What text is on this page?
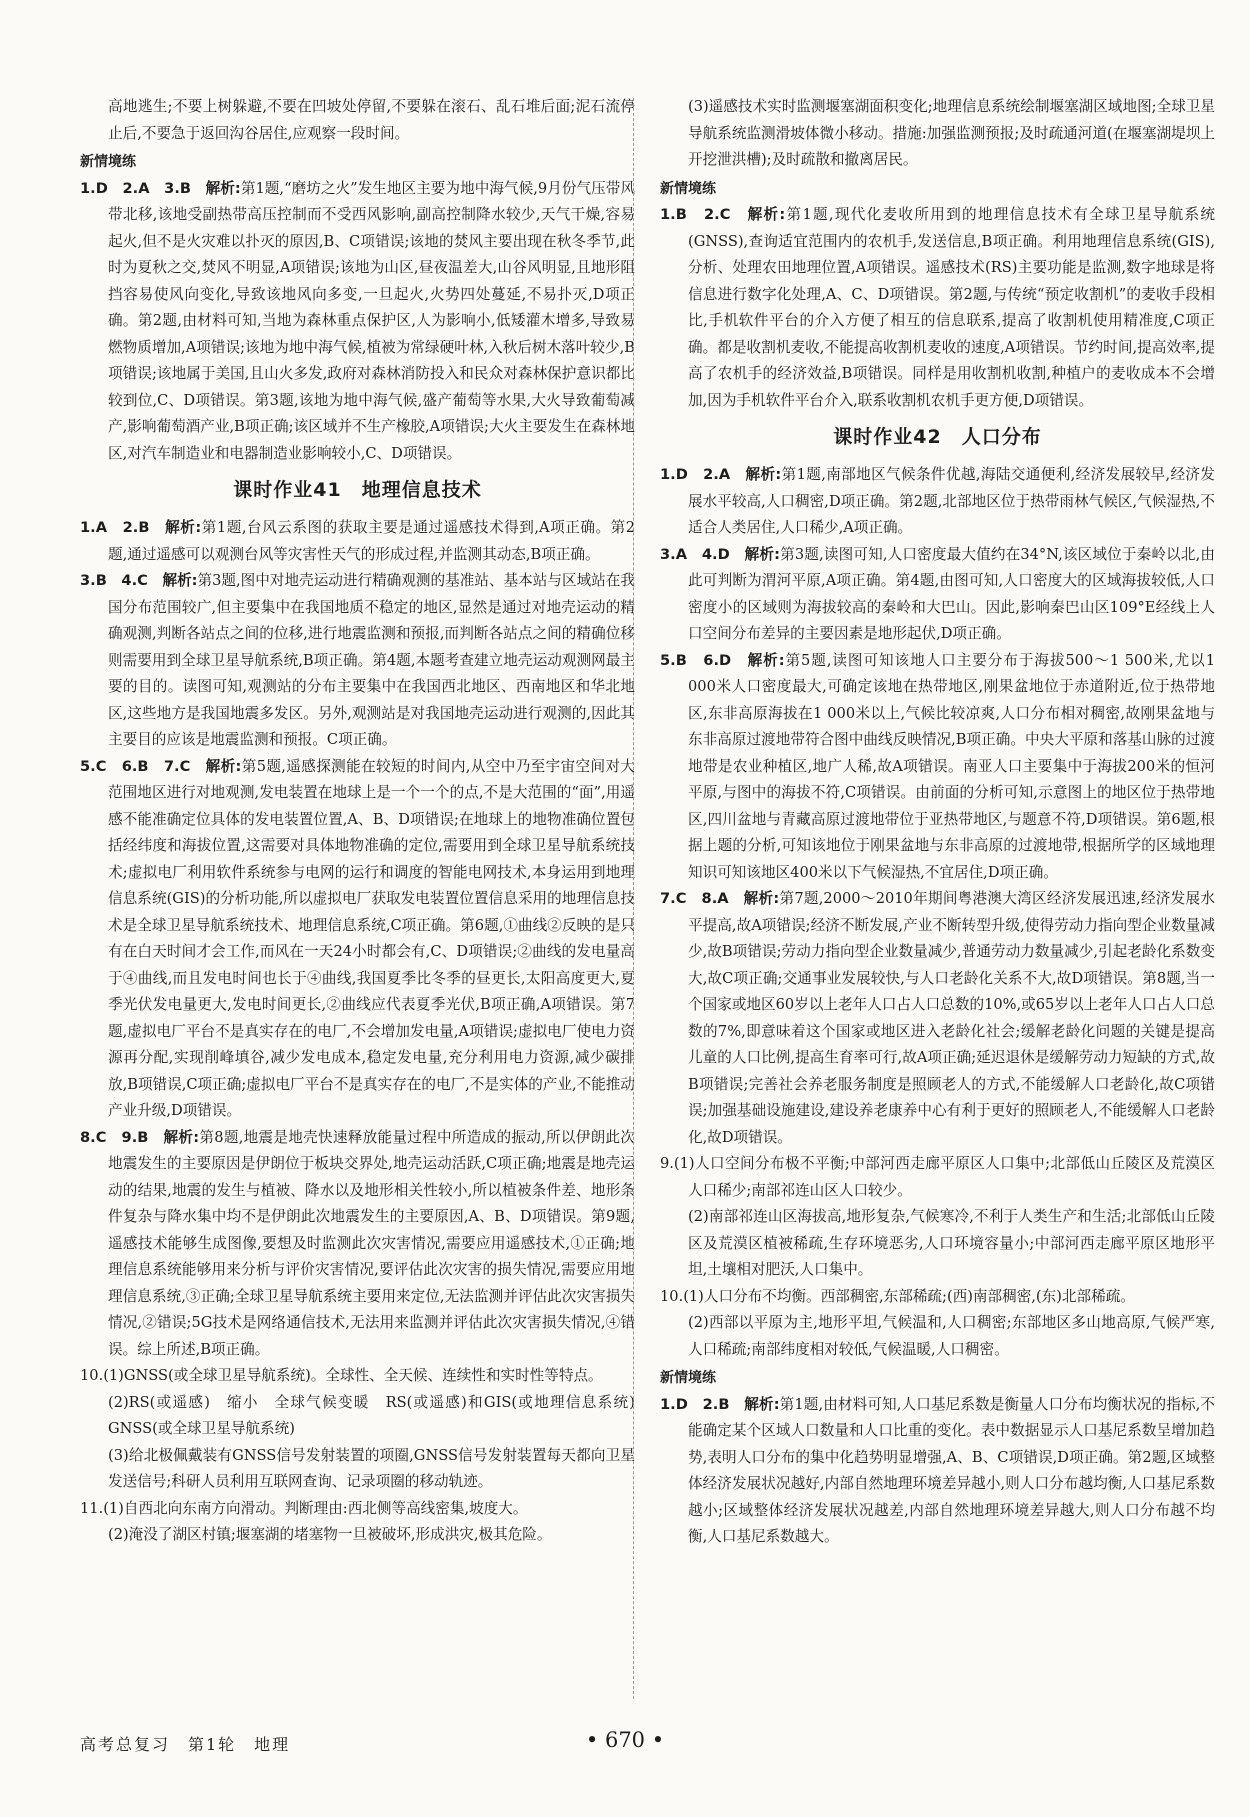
高地逃生;不要上树躲避,不要在凹坡处停留,不要躲在滚石、乱石堆后面;泥石流停止后,不要急于返回沟谷居住,应观察一段时间。

新情境练

1.D　2.A　3.B　解析:第1题,“磨坊之火”发生地区主要为地中海气候,9月份气压带风带北移,该地受副热带高压控制而不受西风影响,副高控制降水较少,天气干燥,容易起火,但不是火灾难以扑灭的原因,B、C项错误;该地的焚风主要出现在秋冬季节,此时为夏秋之交,焚风不明显,A项错误;该地为山区,昼夜温差大,山谷风明显,且地形阻挡容易使风向变化,导致该地风向多变,一旦起火,火势四处蔓延,不易扑灭,D项正确。第2题,由材料可知,当地为森林重点保护区,人为影响小,低矮灌木增多,导致易燃物质增加,A项错误;该地为地中海气候,植被为常绿硬叶林,入秋后树木落叶较少,B项错误;该地属于美国,且山火多发,政府对森林消防投入和民众对森林保护意识都比较到位,C、D项错误。第3题,该地为地中海气候,盛产葡萄等水果,大火导致葡萄减产,影响葡萄酒产业,B项正确;该区域并不生产橡胶,A项错误;大火主要发生在森林地区,对汽车制造业和电器制造业影响较小,C、D项错误。

课时作业41　地理信息技术

1.A　2.B　解析:第1题,台风云系图的获取主要是通过遥感技术得到,A项正确。第2题,通过遥感可以观测台风等灾害性天气的形成过程,并监测其动态,B项正确。

3.B　4.C　解析:第3题,图中对地壳运动进行精确观测的基准站、基本站与区域站在我国分布范围较广,但主要集中在我国地质不稳定的地区,显然是通过对地壳运动的精确观测,判断各站点之间的位移,进行地震监测和预报,而判断各站点之间的精确位移则需要用到全球卫星导航系统,B项正确。第4题,本题考查建立地壳运动观测网最主要的目的。读图可知,观测站的分布主要集中在我国西北地区、西南地区和华北地区,这些地方是我国地震多发区。另外,观测站是对我国地壳运动进行观测的,因此其主要目的应该是地震监测和预报。C项正确。

5.C　6.B　7.C　解析:第5题,遥感探测能在较短的时间内,从空中乃至宇宙空间对大范围地区进行对地观测,发电装置在地球上是一个一个的点,不是大范围的“面”,用遥感不能准确定位具体的发电装置位置,A、B、D项错误;在地球上的地物准确位置包括经纬度和海拔位置,这需要对具体地物准确的定位,需要用到全球卫星导航系统技术;虚拟电厂利用软件系统参与电网的运行和调度的智能电网技术,本身运用到地理信息系统(GIS)的分析功能,所以虚拟电厂获取发电装置位置信息采用的地理信息技术是全球卫星导航系统技术、地理信息系统,C项正确。第6题,①曲线②反映的是只有在白天时间才会工作,而风在一天24小时都会有,C、D项错误;②曲线的发电量高于④曲线,而且发电时间也长于④曲线,我国夏季比冬季的昼更长,太阳高度更大,夏季光伏发电量更大,发电时间更长,②曲线应代表夏季光伏,B项正确,A项错误。第7题,虚拟电厂平台不是真实存在的电厂,不会增加发电量,A项错误;虚拟电厂使电力资源再分配,实现削峰填谷,减少发电成本,稳定发电量,充分利用电力资源,减少碳排放,B项错误,C项正确;虚拟电厂平台不是真实存在的电厂,不是实体的产业,不能推动产业升级,D项错误。

8.C　9.B　解析:第8题,地震是地壳快速释放能量过程中所造成的振动,所以伊朗此次地震发生的主要原因是伊朗位于板块交界处,地壳运动活跃,C项正确;地震是地壳运动的结果,地震的发生与植被、降水以及地形相关性较小,所以植被条件差、地形条件复杂与降水集中均不是伊朗此次地震发生的主要原因,A、B、D项错误。第9题,遥感技术能够生成图像,要想及时监测此次灾害情况,需要应用遥感技术,①正确;地理信息系统能够用来分析与评价灾害情况,要评估此次灾害的损失情况,需要应用地理信息系统,③正确;全球卫星导航系统主要用来定位,无法监测并评估此次灾害损失情况,②错误;5G技术是网络通信技术,无法用来监测并评估此次灾害损失情况,④错误。综上所述,B项正确。

10.(1)GNSS(或全球卫星导航系统)。全球性、全天候、连续性和实时性等特点。

(2)RS(或遥感)　缩小　全球气候变暖　RS(或遥感)和GIS(或地理信息系统)　GNSS(或全球卫星导航系统)

(3)给北极佩戴装有GNSS信号发射装置的项圈,GNSS信号发射装置每天都向卫星发送信号;科研人员利用互联网查询、记录项圈的移动轨迹。

11.(1)自西北向东南方向滑动。判断理由:西北侧等高线密集,坡度大。

(2)淹没了湖区村镇;堰塞湖的堵塞物一旦被破坏,形成洪灾,极其危险。

(3)遥感技术实时监测堰塞湖面积变化;地理信息系统绘制堰塞湖区域地图;全球卫星导航系统监测滑坡体微小移动。措施:加强监测预报;及时疏通河道(在堰塞湖堤坝上开挖泄洪槽);及时疏散和撤离居民。

新情境练

1.B　2.C　解析:第1题,现代化麦收所用到的地理信息技术有全球卫星导航系统(GNSS),查询适宜范围内的农机手,发送信息,B项正确。利用地理信息系统(GIS),分析、处理农田地理位置,A项错误。遥感技术(RS)主要功能是监测,数字地球是将信息进行数字化处理,A、C、D项错误。第2题,与传统“预定收割机”的麦收手段相比,手机软件平台的介入方便了相互的信息联系,提高了收割机使用精准度,C项正确。都是收割机麦收,不能提高收割机麦收的速度,A项错误。节约时间,提高效率,提高了农机手的经济效益,B项错误。同样是用收割机收割,种植户的麦收成本不会增加,因为手机软件平台介入,联系收割机农机手更方便,D项错误。

课时作业42　人口分布

1.D　2.A　解析:第1题,南部地区气候条件优越,海陆交通便利,经济发展较早,经济发展水平较高,人口稠密,D项正确。第2题,北部地区位于热带雨林气候区,气候湿热,不适合人类居住,人口稀少,A项正确。

3.A　4.D　解析:第3题,读图可知,人口密度最大值约在34°N,该区域位于秦岭以北,由此可判断为渭河平原,A项正确。第4题,由图可知,人口密度大的区域海拔较低,人口密度小的区域则为海拔较高的秦岭和大巴山。因此,影响秦巴山区109°E经线上人口空间分布差异的主要因素是地形起伏,D项正确。

5.B　6.D　解析:第5题,读图可知该地人口主要分布于海拔500～1 500米,尤以1 000米人口密度最大,可确定该地在热带地区,刚果盆地位于赤道附近,位于热带地区,东非高原海拔在1 000米以上,气候比较凉爽,人口分布相对稠密,故刚果盆地与东非高原过渡地带符合图中曲线反映情况,B项正确。中央大平原和落基山脉的过渡地带是农业种植区,地广人稀,故A项错误。南亚人口主要集中于海拔200米的恒河平原,与图中的海拔不符,C项错误。由前面的分析可知,示意图上的地区位于热带地区,四川盆地与青藏高原过渡地带位于亚热带地区,与题意不符,D项错误。第6题,根据上题的分析,可知该地位于刚果盆地与东非高原的过渡地带,根据所学的区域地理知识可知该地区400米以下气候湿热,不宜居住,D项正确。

7.C　8.A　解析:第7题,2000～2010年期间粤港澳大湾区经济发展迅速,经济发展水平提高,故A项错误;经济不断发展,产业不断转型升级,使得劳动力指向型企业数量减少,故B项错误;劳动力指向型企业数量减少,普通劳动力数量减少,引起老龄化系数变大,故C项正确;交通事业发展较快,与人口老龄化关系不大,故D项错误。第8题,当一个国家或地区60岁以上老年人口占人口总数的10%,或65岁以上老年人口占人口总数的7%,即意味着这个国家或地区进入老龄化社会;缓解老龄化问题的关键是提高儿童的人口比例,提高生育率可行,故A项正确;延迟退休是缓解劳动力短缺的方式,故B项错误;完善社会养老服务制度是照顾老人的方式,不能缓解人口老龄化,故C项错误;加强基础设施建设,建设养老康养中心有利于更好的照顾老人,不能缓解人口老龄化,故D项错误。

9.(1)人口空间分布极不平衡;中部河西走廊平原区人口集中;北部低山丘陵区及荒漠区人口稀少;南部祁连山区人口较少。

(2)南部祁连山区海拔高,地形复杂,气候寒冷,不利于人类生产和生活;北部低山丘陵区及荒漠区植被稀疏,生存环境恶劣,人口环境容量小;中部河西走廊平原区地形平坦,土壤相对肥沃,人口集中。

10.(1)人口分布不均衡。西部稠密,东部稀疏;(西)南部稠密,(东)北部稀疏。

(2)西部以平原为主,地形平坦,气候温和,人口稠密;东部地区多山地高原,气候严寒,人口稀疏;南部纬度相对较低,气候温暖,人口稠密。

新情境练

1.D　2.B　解析:第1题,由材料可知,人口基尼系数是衡量人口分布均衡状况的指标,不能确定某个区域人口数量和人口比重的变化。表中数据显示人口基尼系数呈增加趋势,表明人口分布的集中化趋势明显增强,A、B、C项错误,D项正确。第2题,区域整体经济发展状况越好,内部自然地理环境差异越小,则人口分布越均衡,人口基尼系数越小;区域整体经济发展状况越差,内部自然地理环境差异越大,则人口分布越不均衡,人口基尼系数越大。

高考总复习　第1轮　地理	• 670 •
